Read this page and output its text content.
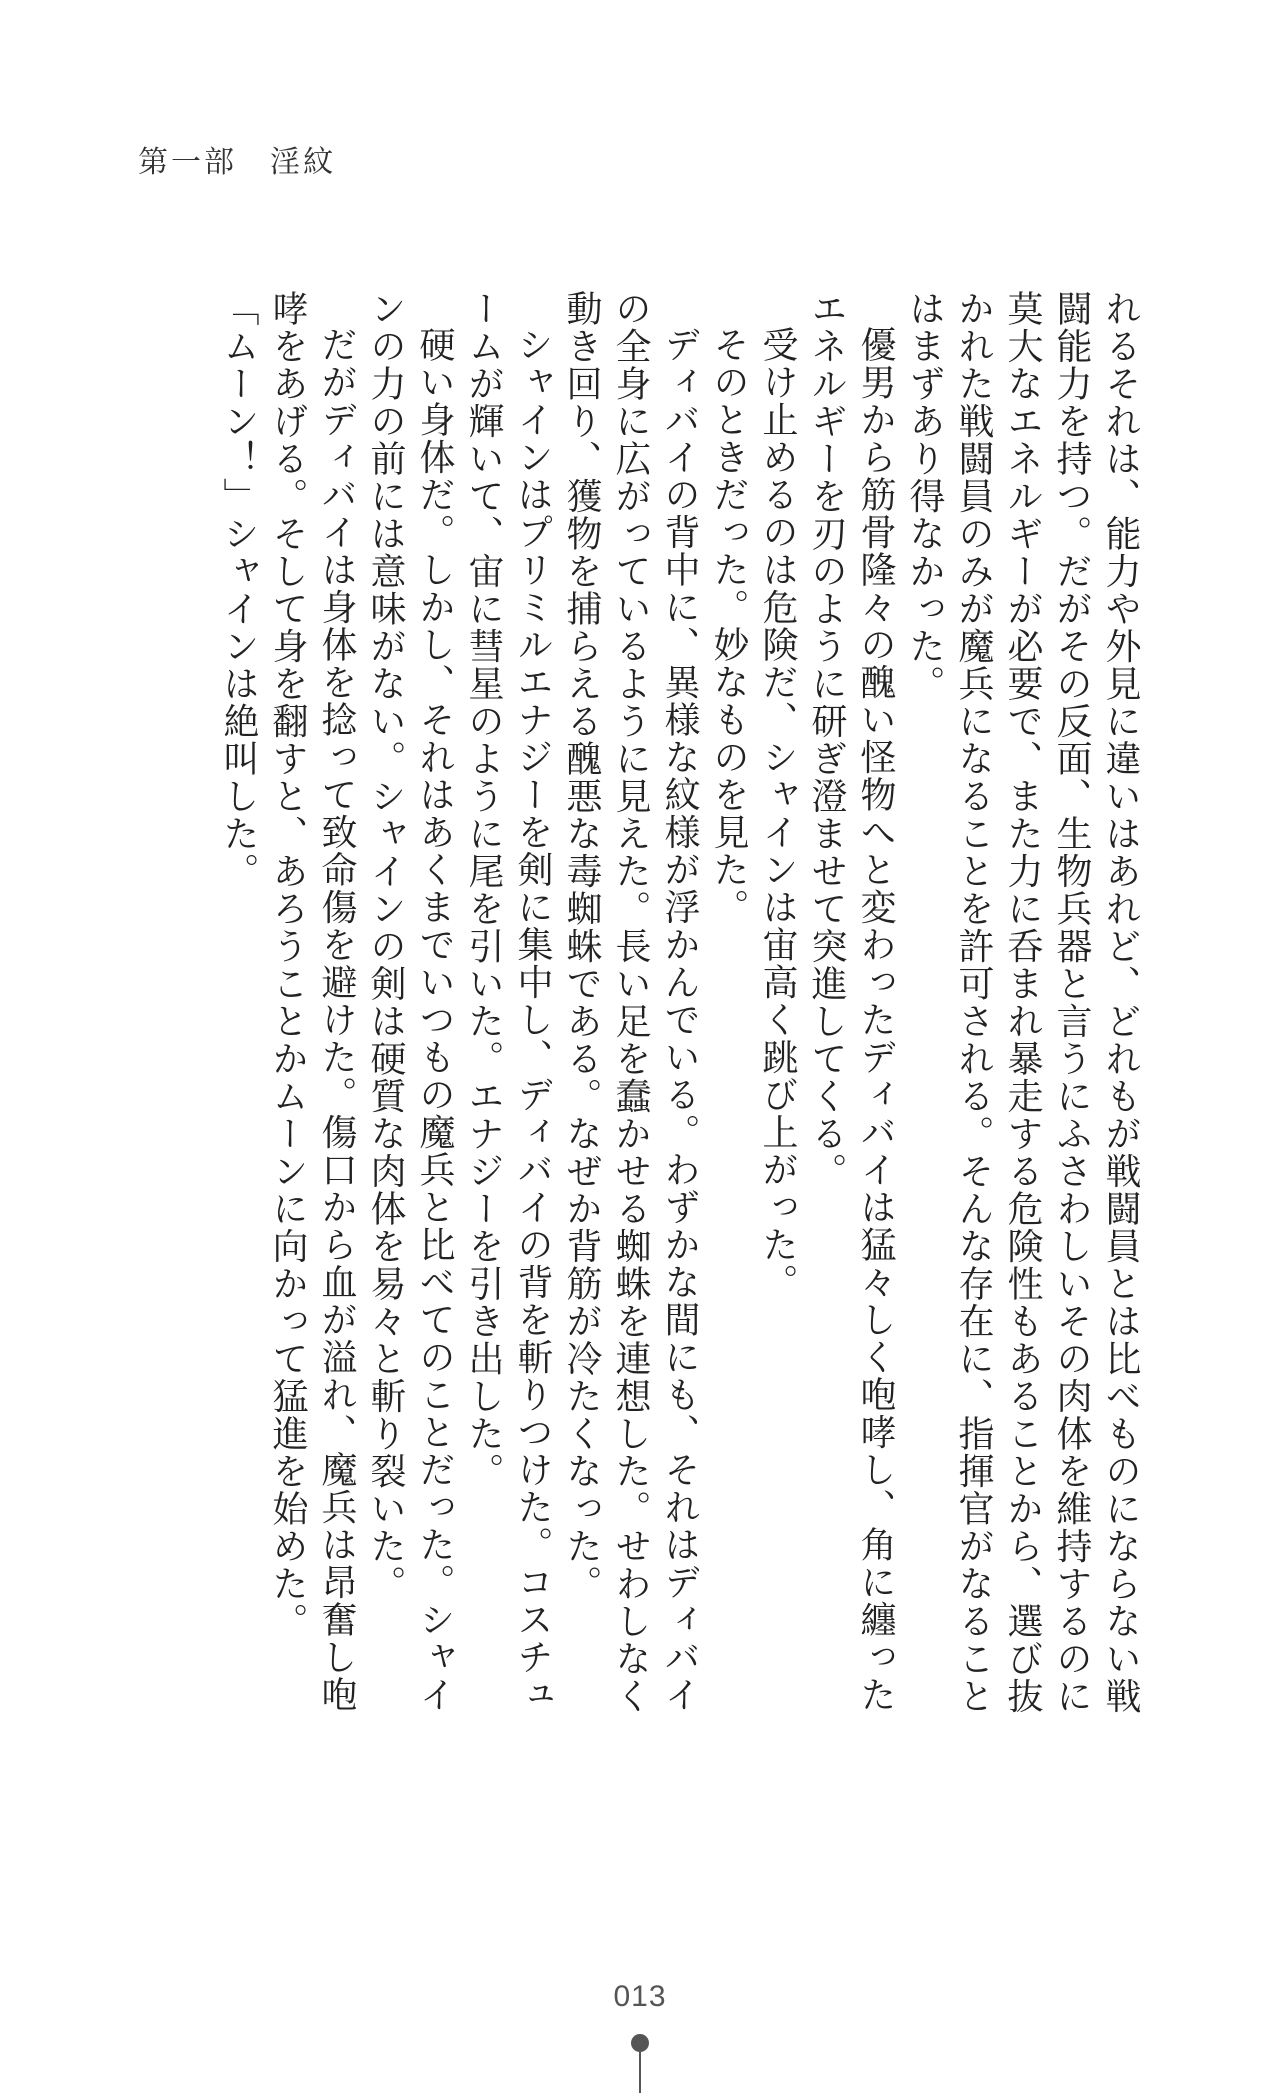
第一部　淫紋

れるそれは、能力や外見に違いはあれど、どれもが戦闘員とは比べものにならない戦闘能力を持つ。だがその反面、生物兵器と言うにふさわしいその肉体を維持するのに莫大なエネルギーが必要で、また力に呑まれ暴走する危険性もあることから、選び抜かれた戦闘員のみが魔兵になることを許可される。そんな存在に、指揮官がなることはまずあり得なかった。

優男から筋骨隆々の醜い怪物へと変わったディバイは猛々しく咆哮し、角に纏ったエネルギーを刃のように研ぎ澄ませて突進してくる。

受け止めるのは危険だ、シャインは宙高く跳び上がった。

そのときだった。妙なものを見た。

ディバイの背中に、異様な紋様が浮かんでいる。わずかな間にも、それはディバイの全身に広がっているように見えた。長い足を蠢かせる蜘蛛を連想した。せわしなく動き回り、獲物を捕らえる醜悪な毒蜘蛛である。なぜか背筋が冷たくなった。

シャインはプリミルエナジーを剣に集中し、ディバイの背を斬りつけた。コスチュームが輝いて、宙に彗星のように尾を引いた。エナジーを引き出した。

硬い身体だ。しかし、それはあくまでいつもの魔兵と比べてのことだった。シャインの力の前には意味がない。シャインの剣は硬質な肉体を易々と斬り裂いた。

だがディバイは身体を捻って致命傷を避けた。傷口から血が溢れ、魔兵は昂奮し咆哮をあげる。そして身を翻すと、あろうことかムーンに向かって猛進を始めた。

「ムーン！」シャインは絶叫した。

013
